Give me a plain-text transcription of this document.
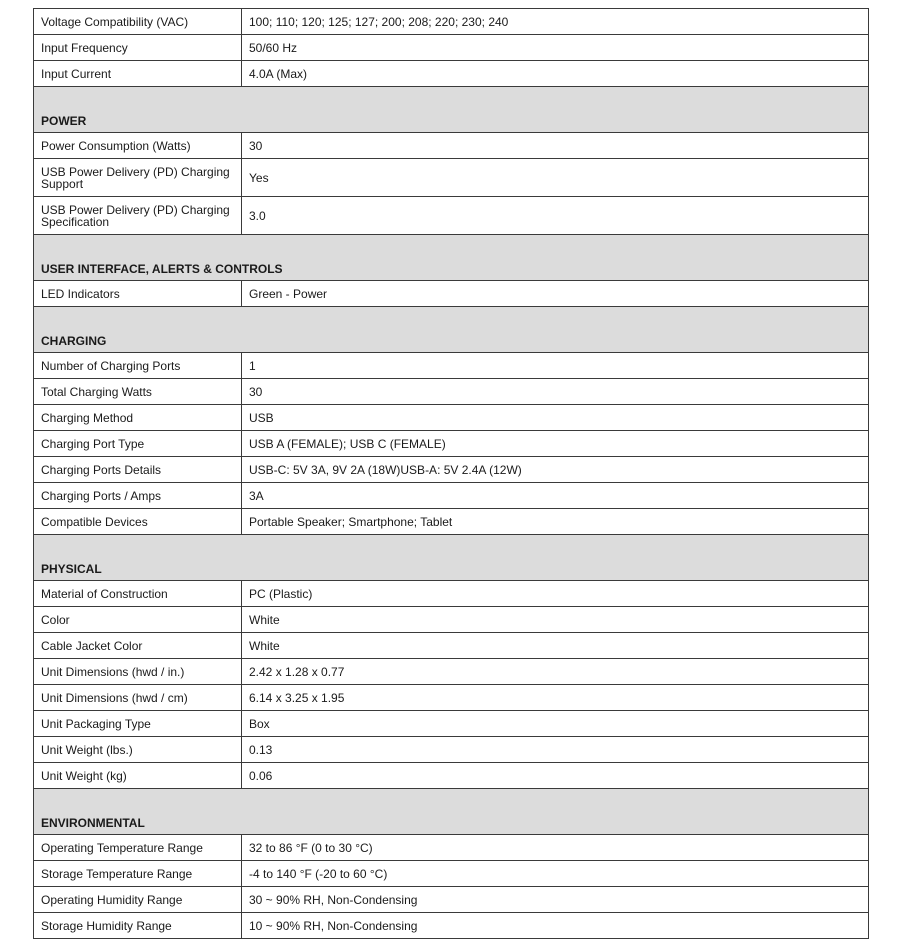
Voltage Compatibility (VAC)	100; 110; 120; 125; 127; 200; 208; 220; 230; 240
Input Frequency	50/60 Hz
Input Current	4.0A (Max)
POWER	
Power Consumption (Watts)	30
USB Power Delivery (PD) Charging Support	Yes
USB Power Delivery (PD) Charging Specification	3.0
USER INTERFACE, ALERTS & CONTROLS	
LED Indicators	Green - Power
CHARGING	
Number of Charging Ports	1
Total Charging Watts	30
Charging Method	USB
Charging Port Type	USB A (FEMALE); USB C (FEMALE)
Charging Ports Details	USB-C: 5V 3A, 9V 2A (18W)USB-A: 5V 2.4A (12W)
Charging Ports / Amps	3A
Compatible Devices	Portable Speaker; Smartphone; Tablet
PHYSICAL	
Material of Construction	PC (Plastic)
Color	White
Cable Jacket Color	White
Unit Dimensions (hwd / in.)	2.42 x 1.28 x 0.77
Unit Dimensions (hwd / cm)	6.14 x 3.25 x 1.95
Unit Packaging Type	Box
Unit Weight (lbs.)	0.13
Unit Weight (kg)	0.06
ENVIRONMENTAL	
Operating Temperature Range	32 to 86 °F (0 to 30 °C)
Storage Temperature Range	-4 to 140 °F (-20 to 60 °C)
Operating Humidity Range	30 ~ 90% RH, Non-Condensing
Storage Humidity Range	10 ~ 90% RH, Non-Condensing
